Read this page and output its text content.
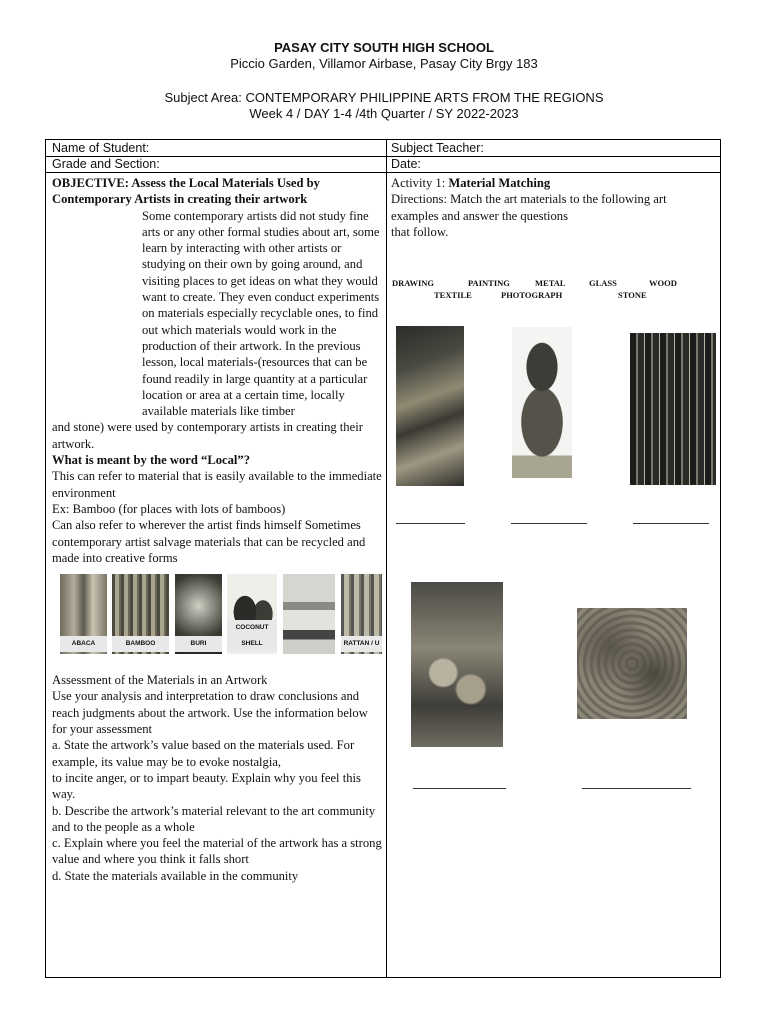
PASAY CITY SOUTH HIGH SCHOOL
Piccio Garden, Villamor Airbase, Pasay City Brgy 183
Subject Area: CONTEMPORARY PHILIPPINE ARTS FROM THE REGIONS
Week 4 / DAY 1-4 /4th Quarter / SY 2022-2023
Name of Student:	Subject Teacher:
Grade and Section:	Date:

OBJECTIVE: Assess the Local Materials Used by Contemporary Artists in creating their artwork

Some contemporary artists did not study fine arts or any other formal studies about art, some learn by interacting with other artists or studying on their own by going around, and visiting places to get ideas on what they would want to create. They even conduct experiments on materials especially recyclable ones, to find out which materials would work in the production of their artwork. In the previous lesson, local materials-(resources that can be found readily in large quantity at a particular location or area at a certain time, locally available materials like timber

and stone) were used by contemporary artists in creating their artwork.

What is meant by the word “Local”?

This can refer to material that is easily available to the immediate environment

Ex: Bamboo (for places with lots of bamboos)

Can also refer to wherever the artist finds himself Sometimes contemporary artist salvage materials that can be recycled and made into creative forms

ABACA	BAMBOO	BURI
COCONUT SHELL	RATTAN / U

Assessment of the Materials in an Artwork

Use your analysis and interpretation to draw conclusions and reach judgments about the artwork. Use the information below for your assessment

a. State the artwork’s value based on the materials used. For example, its value may be to evoke nostalgia,

to incite anger, or to impart beauty. Explain why you feel this way.

b. Describe the artwork’s material relevant to the art community and to the people as a whole

c. Explain where you feel the material of the artwork has a strong value and where you think it falls short

d. State the materials available in the community

Activity 1: Material Matching

Directions: Match the art materials to the following art examples and answer the questions

that follow.

DRAWING	PAINTING	METAL	GLASS	WOOD
TEXTILE	PHOTOGRAPH	STONE
